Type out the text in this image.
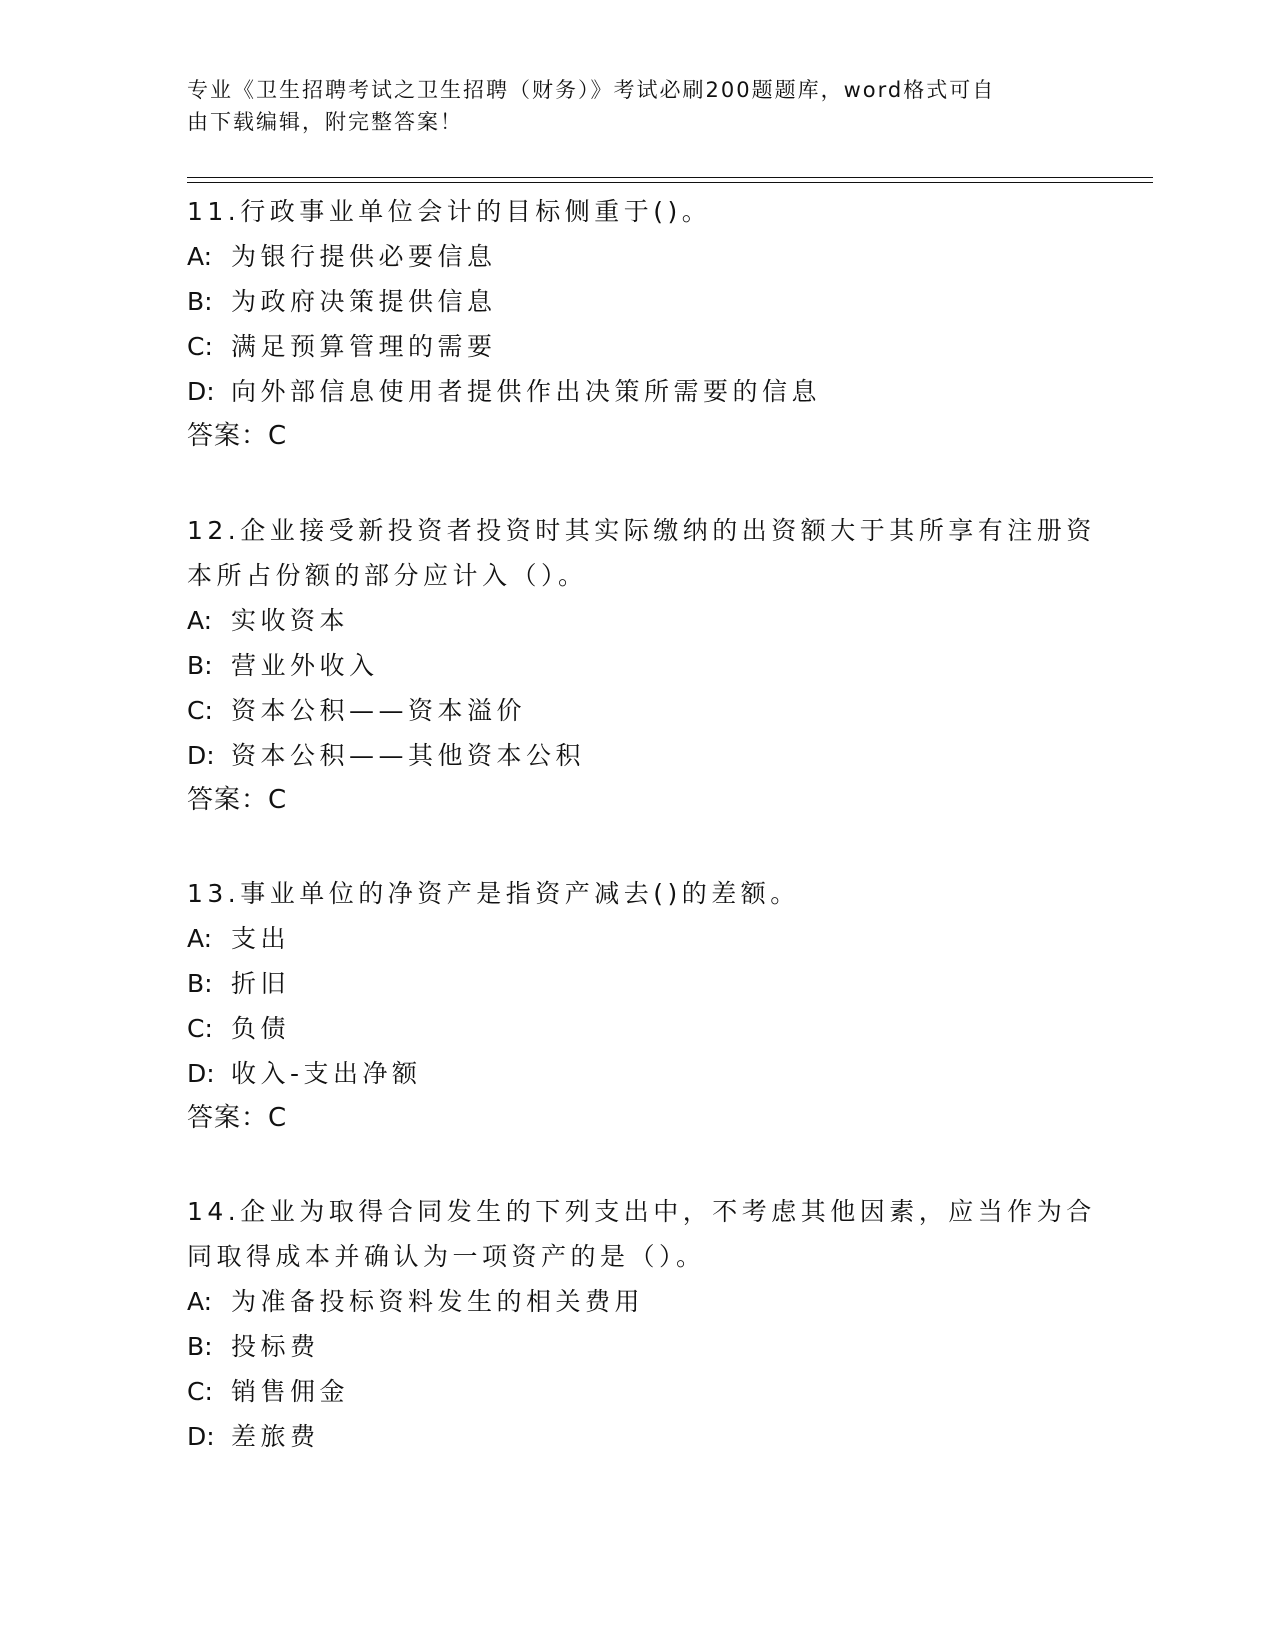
专业《卫生招聘考试之卫生招聘（财务）》考试必刷200题题库，word格式可自
由下载编辑，附完整答案！
11.行政事业单位会计的目标侧重于()。
A: 为银行提供必要信息
B: 为政府决策提供信息
C: 满足预算管理的需要
D: 向外部信息使用者提供作出决策所需要的信息
答案：C
12.企业接受新投资者投资时其实际缴纳的出资额大于其所享有注册资
本所占份额的部分应计入（）。
A: 实收资本
B: 营业外收入
C: 资本公积——资本溢价
D: 资本公积——其他资本公积
答案：C
13.事业单位的净资产是指资产减去()的差额。
A: 支出
B: 折旧
C: 负债
D: 收入-支出净额
答案：C
14.企业为取得合同发生的下列支出中，不考虑其他因素，应当作为合
同取得成本并确认为一项资产的是（）。
A: 为准备投标资料发生的相关费用
B: 投标费
C: 销售佣金
D: 差旅费
